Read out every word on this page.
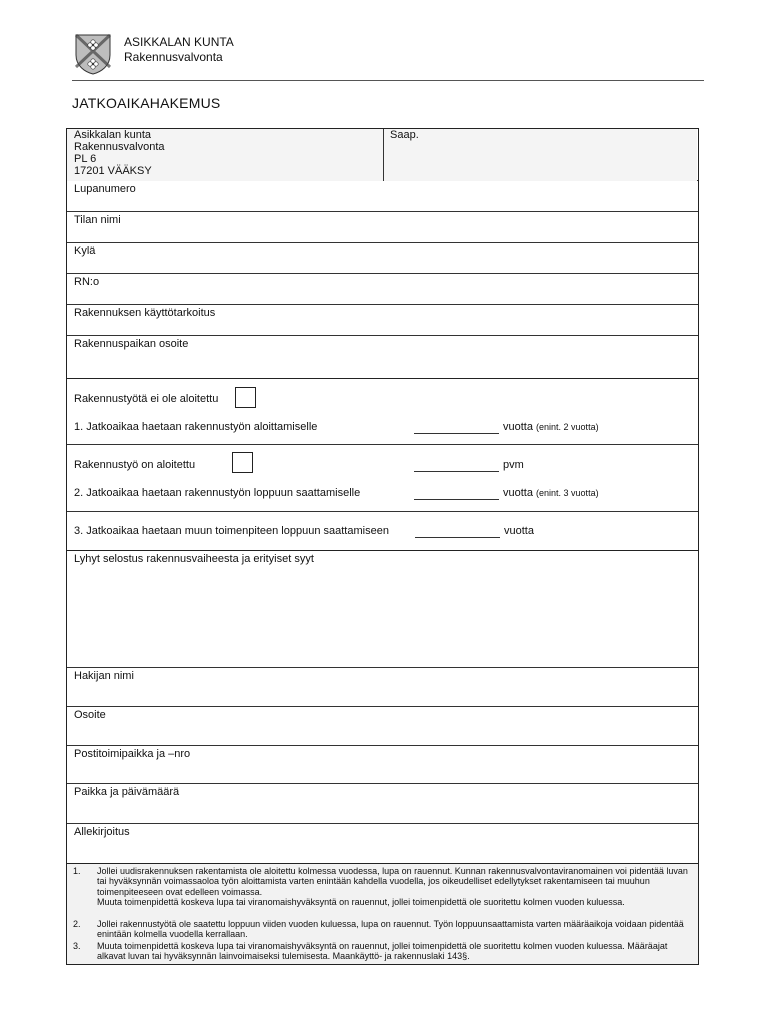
ASIKKALAN KUNTA
Rakennusvalvonta
JATKOAIKAHAKEMUS
Asikkalan kunta
Rakennusvalvonta
PL 6
17201 VÄÄKSY
Saap.
Lupanumero
Tilan nimi
Kylä
RN:o
Rakennuksen käyttötarkoitus
Rakennuspaikan osoite
Rakennustyötä ei ole aloitettu
1. Jatkoaikaa haetaan rakennustyön aloittamiselle	vuotta (enint. 2 vuotta)
Rakennustyö on aloitettu	pvm
2. Jatkoaikaa haetaan rakennustyön loppuun saattamiselle	vuotta (enint. 3 vuotta)
3. Jatkoaikaa haetaan muun toimenpiteen loppuun saattamiseen	vuotta
Lyhyt selostus rakennusvaiheesta ja erityiset syyt
Hakijan nimi
Osoite
Postitoimipaikka ja –nro
Paikka ja päivämäärä
Allekirjoitus
1. Jollei uudisrakennuksen rakentamista ole aloitettu kolmessa vuodessa, lupa on rauennut. Kunnan rakennusvalvontaviranomainen voi pidentää luvan tai hyväksynnän voimassaoloa työn aloittamista varten enintään kahdella vuodella, jos oikeudelliset edellytykset rakentamiseen tai muuhun toimenpiteeseen ovat edelleen voimassa.
Muuta toimenpidettä koskeva lupa tai viranomaishyväksyntä on rauennut, jollei toimenpidettä ole suoritettu kolmen vuoden kuluessa.
2. Jollei rakennustyötä ole saatettu loppuun viiden vuoden kuluessa, lupa on rauennut. Työn loppuunsaattamista varten määräaikoja voidaan pidentää enintään kolmella vuodella kerrallaan.
3. Muuta toimenpidettä koskeva lupa tai viranomaishyväksyntä on rauennut, jollei toimenpidettä ole suoritettu kolmen vuoden kuluessa. Määräajat alkavat luvan tai hyväksynnän lainvoimaiseksi tulemisesta. Maankäyttö- ja rakennuslaki 143§.
